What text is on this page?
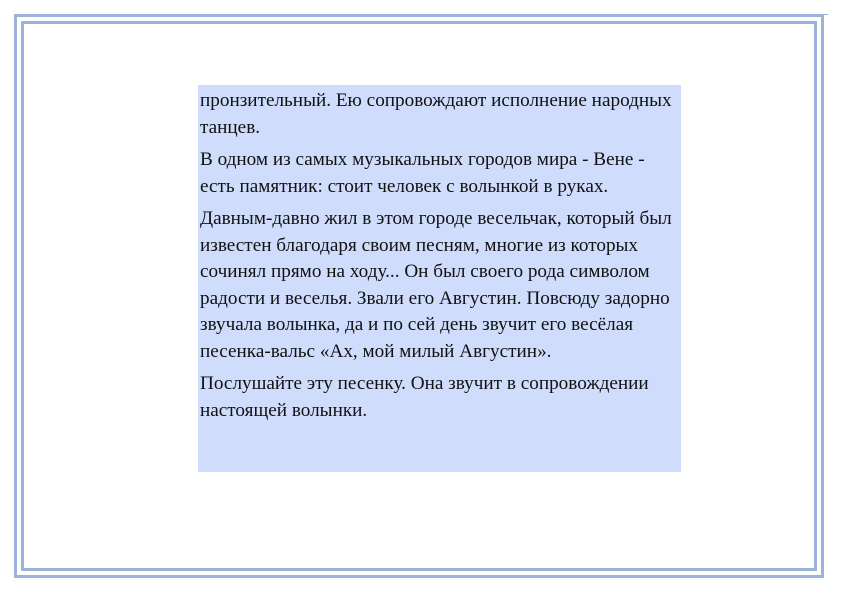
пронзительный. Ею сопровождают исполнение народных танцев.

В одном из самых музыкальных городов мира - Вене - есть памятник: стоит человек с волынкой в руках.

Давным-давно жил в этом городе весельчак, который был известен благодаря своим песням, многие из которых сочинял прямо на ходу... Он был своего рода символом радости и веселья. Звали его Августин. Повсюду задорно звучала волынка, да и по сей день звучит его весёлая песенка-вальс «Ах, мой милый Августин».

Послушайте эту песенку. Она звучит в сопровождении настоящей волынки.
